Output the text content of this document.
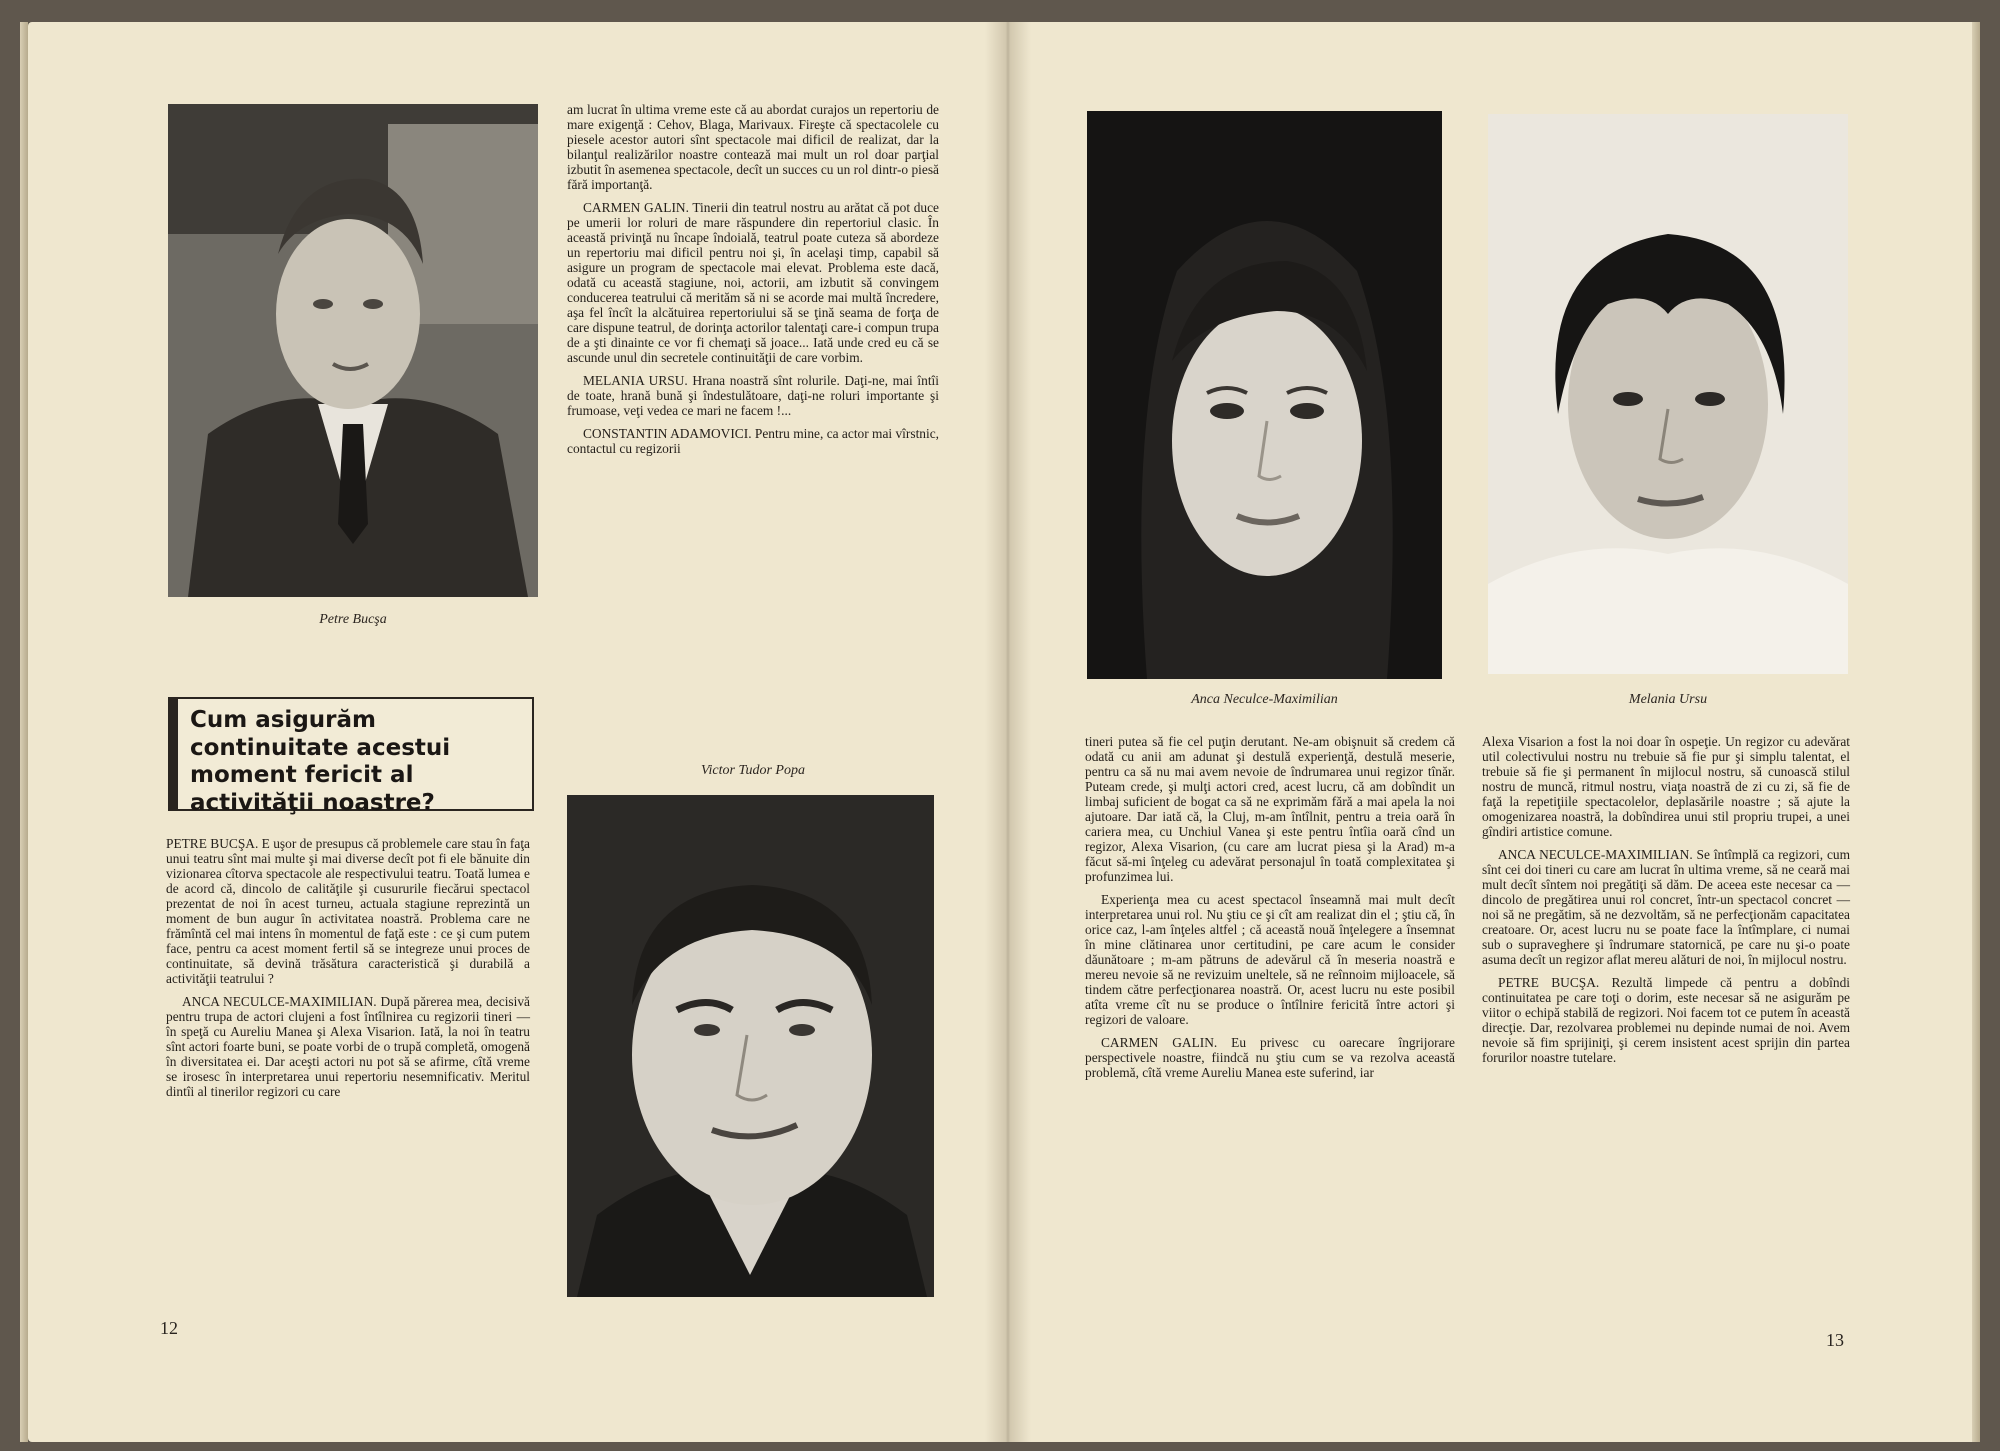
Petre Bucşa
Cum asigurăm continuitate acestui moment fericit al activităţii noastre?

PETRE BUCŞA. E uşor de presupus că problemele care stau în faţa unui teatru sînt mai multe şi mai diverse decît pot fi ele bănuite din vizionarea cîtorva spectacole ale respectivului teatru. Toată lumea e de acord că, dincolo de calităţile şi cusururile fiecărui spectacol prezentat de noi în acest turneu, actuala stagiune reprezintă un moment de bun augur în activitatea noastră. Problema care ne frămîntă cel mai intens în momentul de faţă este : ce şi cum putem face, pentru ca acest moment fertil să se integreze unui proces de continuitate, să devină trăsătura caracteristică şi durabilă a activităţii teatrului ?

ANCA NECULCE-MAXIMILIAN. După părerea mea, decisivă pentru trupa de actori clujeni a fost întîlnirea cu regizorii tineri — în speţă cu Aureliu Manea şi Alexa Visarion. Iată, la noi în teatru sînt actori foarte buni, se poate vorbi de o trupă completă, omogenă în diversitatea ei. Dar aceşti actori nu pot să se afirme, cîtă vreme se irosesc în interpretarea unui repertoriu nesemnificativ. Meritul dintîi al tinerilor regizori cu care

am lucrat în ultima vreme este că au abordat curajos un repertoriu de mare exigenţă : Cehov, Blaga, Marivaux. Fireşte că spectacolele cu piesele acestor autori sînt spectacole mai dificil de realizat, dar la bilanţul realizărilor noastre contează mai mult un rol doar parţial izbutit în asemenea spectacole, decît un succes cu un rol dintr-o piesă fără importanţă.

CARMEN GALIN. Tinerii din teatrul nostru au arătat că pot duce pe umerii lor roluri de mare răspundere din repertoriul clasic. În această privinţă nu încape îndoială, teatrul poate cuteza să abordeze un repertoriu mai dificil pentru noi şi, în acelaşi timp, capabil să asigure un program de spectacole mai elevat. Problema este dacă, odată cu această stagiune, noi, actorii, am izbutit să convingem conducerea teatrului că merităm să ni se acorde mai multă încredere, aşa fel încît la alcătuirea repertoriului să se ţină seama de forţa de care dispune teatrul, de dorinţa actorilor talentaţi care-i compun trupa de a şti dinainte ce vor fi chemaţi să joace... Iată unde cred eu că se ascunde unul din secretele continuităţii de care vorbim.

MELANIA URSU. Hrana noastră sînt rolurile. Daţi-ne, mai întîi de toate, hrană bună şi îndestulătoare, daţi-ne roluri importante şi frumoase, veţi vedea ce mari ne facem !...

CONSTANTIN ADAMOVICI. Pentru mine, ca actor mai vîrstnic, contactul cu regizorii

Victor Tudor Popa
12
Anca Neculce-Maximilian	Melania Ursu

tineri putea să fie cel puţin derutant. Ne-am obişnuit să credem că odată cu anii am adunat şi destulă experienţă, destulă meserie, pentru ca să nu mai avem nevoie de îndrumarea unui regizor tînăr. Puteam crede, şi mulţi actori cred, acest lucru, că am dobîndit un limbaj suficient de bogat ca să ne exprimăm fără a mai apela la noi ajutoare. Dar iată că, la Cluj, m-am întîlnit, pentru a treia oară în cariera mea, cu Unchiul Vanea şi este pentru întîia oară cînd un regizor, Alexa Visarion, (cu care am lucrat piesa şi la Arad) m-a făcut să-mi înţeleg cu adevărat personajul în toată complexitatea şi profunzimea lui.

Experienţa mea cu acest spectacol înseamnă mai mult decît interpretarea unui rol. Nu ştiu ce şi cît am realizat din el ; ştiu că, în orice caz, l-am înţeles altfel ; că această nouă înţelegere a însemnat în mine clătinarea unor certitudini, pe care acum le consider dăunătoare ; m-am pătruns de adevărul că în meseria noastră e mereu nevoie să ne revizuim uneltele, să ne reînnoim mijloacele, să tindem către perfecţionarea noastră. Or, acest lucru nu este posibil atîta vreme cît nu se produce o întîlnire fericită între actori şi regizori de valoare.

CARMEN GALIN. Eu privesc cu oarecare îngrijorare perspectivele noastre, fiindcă nu ştiu cum se va rezolva această problemă, cîtă vreme Aureliu Manea este suferind, iar

Alexa Visarion a fost la noi doar în ospeţie. Un regizor cu adevărat util colectivului nostru nu trebuie să fie pur şi simplu talentat, el trebuie să fie şi permanent în mijlocul nostru, să cunoască stilul nostru de muncă, ritmul nostru, viaţa noastră de zi cu zi, să fie de faţă la repetiţiile spectacolelor, deplasările noastre ; să ajute la omogenizarea noastră, la dobîndirea unui stil propriu trupei, a unei gîndiri artistice comune.

ANCA NECULCE-MAXIMILIAN. Se întîmplă ca regizori, cum sînt cei doi tineri cu care am lucrat în ultima vreme, să ne ceară mai mult decît sîntem noi pregătiţi să dăm. De aceea este necesar ca — dincolo de pregătirea unui rol concret, într-un spectacol concret — noi să ne pregătim, să ne dezvoltăm, să ne perfecţionăm capacitatea creatoare. Or, acest lucru nu se poate face la întîmplare, ci numai sub o supraveghere şi îndrumare statornică, pe care nu şi-o poate asuma decît un regizor aflat mereu alături de noi, în mijlocul nostru.

PETRE BUCŞA. Rezultă limpede că pentru a dobîndi continuitatea pe care toţi o dorim, este necesar să ne asigurăm pe viitor o echipă stabilă de regizori. Noi facem tot ce putem în această direcţie. Dar, rezolvarea problemei nu depinde numai de noi. Avem nevoie să fim sprijiniţi, şi cerem insistent acest sprijin din partea forurilor noastre tutelare.

13
